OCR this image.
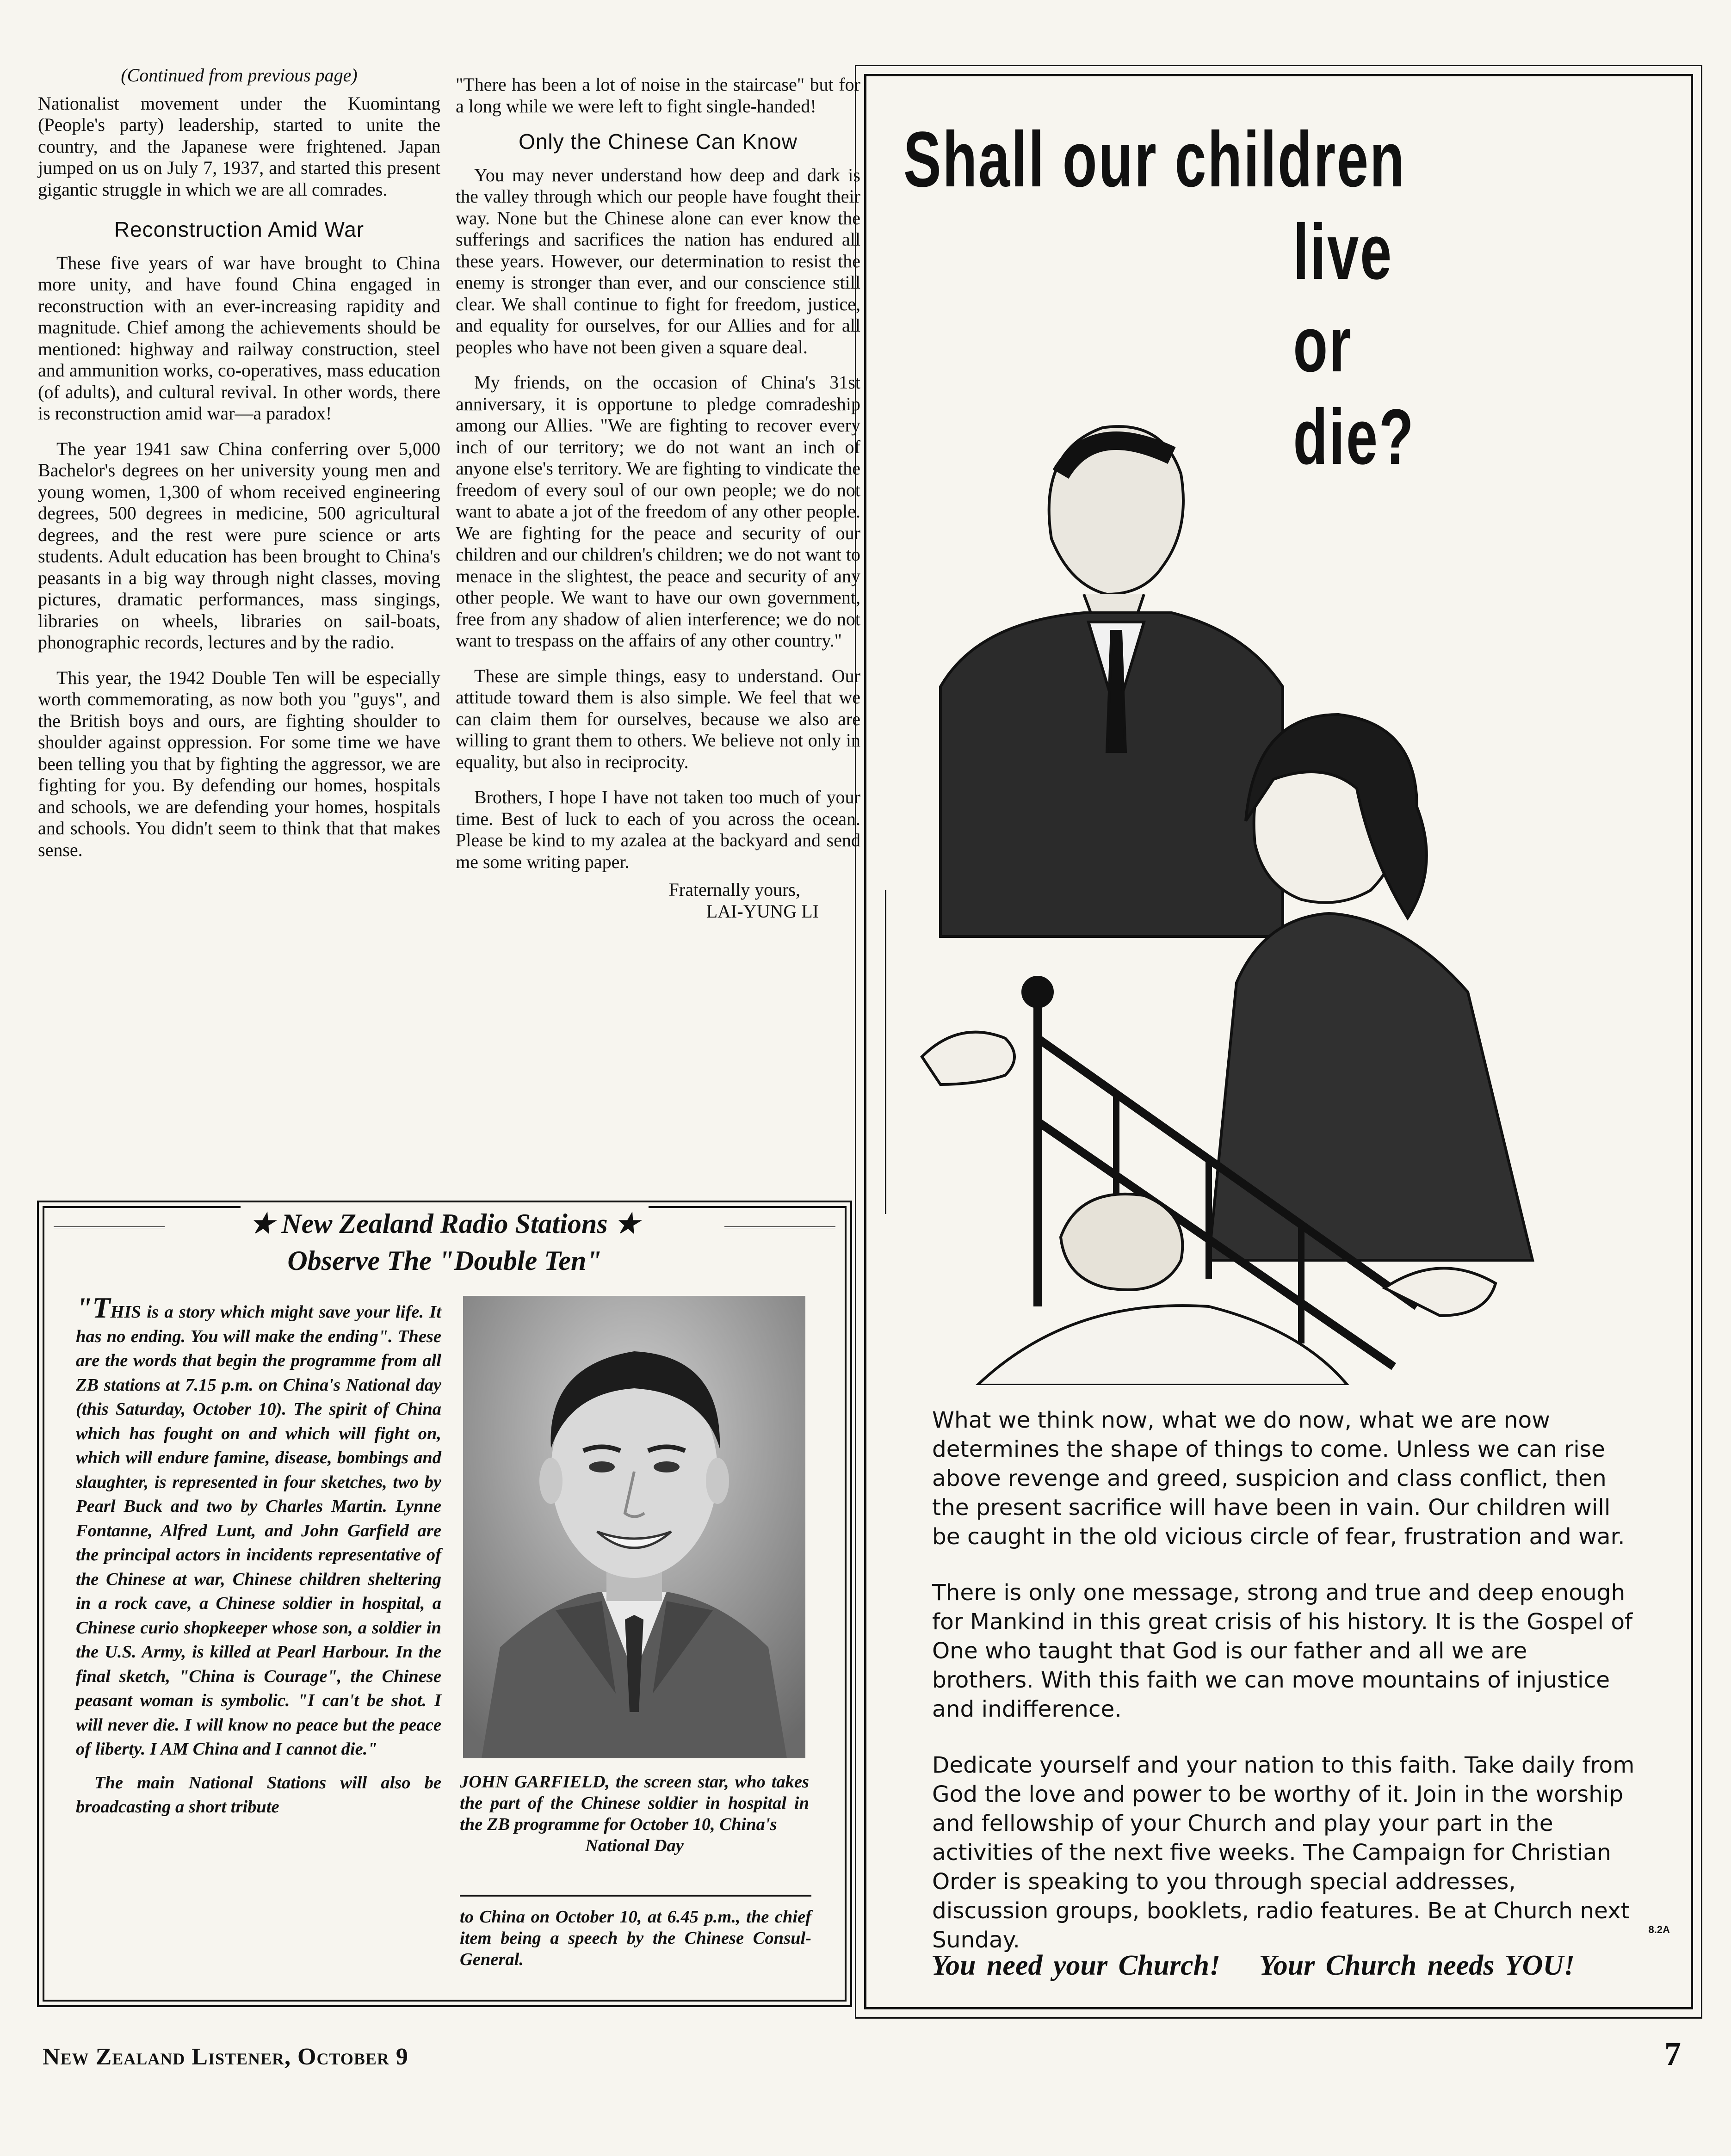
(Continued from previous page)

Nationalist movement under the Kuomintang (People's party) leadership, started to unite the country, and the Japanese were frightened. Japan jumped on us on July 7, 1937, and started this present gigantic struggle in which we are all comrades.

Reconstruction Amid War

These five years of war have brought to China more unity, and have found China engaged in reconstruction with an ever-increasing rapidity and magnitude. Chief among the achievements should be mentioned: highway and railway construction, steel and ammunition works, co-operatives, mass education (of adults), and cultural revival. In other words, there is reconstruction amid war—a paradox!

The year 1941 saw China conferring over 5,000 Bachelor's degrees on her university young men and young women, 1,300 of whom received engineering degrees, 500 degrees in medicine, 500 agricultural degrees, and the rest were pure science or arts students. Adult education has been brought to China's peasants in a big way through night classes, moving pictures, dramatic performances, mass singings, libraries on wheels, libraries on sail-boats, phonographic records, lectures and by the radio.

This year, the 1942 Double Ten will be especially worth commemorating, as now both you "guys", and the British boys and ours, are fighting shoulder to shoulder against oppression. For some time we have been telling you that by fighting the aggressor, we are fighting for you. By defending our homes, hospitals and schools, we are defending your homes, hospitals and schools. You didn't seem to think that that makes sense.

"There has been a lot of noise in the staircase" but for a long while we were left to fight single-handed!

Only the Chinese Can Know

You may never understand how deep and dark is the valley through which our people have fought their way. None but the Chinese alone can ever know the sufferings and sacrifices the nation has endured all these years. However, our determination to resist the enemy is stronger than ever, and our conscience still clear. We shall continue to fight for freedom, justice, and equality for ourselves, for our Allies and for all peoples who have not been given a square deal.

My friends, on the occasion of China's 31st anniversary, it is opportune to pledge comradeship among our Allies. "We are fighting to recover every inch of our territory; we do not want an inch of anyone else's territory. We are fighting to vindicate the freedom of every soul of our own people; we do not want to abate a jot of the freedom of any other people. We are fighting for the peace and security of our children and our children's children; we do not want to menace in the slightest, the peace and security of any other people. We want to have our own government, free from any shadow of alien interference; we do not want to trespass on the affairs of any other country."

These are simple things, easy to understand. Our attitude toward them is also simple. We feel that we can claim them for ourselves, because we also are willing to grant them to others. We believe not only in equality, but also in reciprocity.

Brothers, I hope I have not taken too much of your time. Best of luck to each of you across the ocean. Please be kind to my azalea at the backyard and send me some writing paper.

Fraternally yours,
LAI-YUNG LI
★ New Zealand Radio Stations ★
Observe The "Double Ten"

"THIS is a story which might save your life. It has no ending. You will make the ending". These are the words that begin the programme from all ZB stations at 7.15 p.m. on China's National day (this Saturday, October 10). The spirit of China which has fought on and which will fight on, which will endure famine, disease, bombings and slaughter, is represented in four sketches, two by Pearl Buck and two by Charles Martin. Lynne Fontanne, Alfred Lunt, and John Garfield are the principal actors in incidents representative of the Chinese at war, Chinese children sheltering in a rock cave, a Chinese soldier in hospital, a Chinese curio shopkeeper whose son, a soldier in the U.S. Army, is killed at Pearl Harbour. In the final sketch, "China is Courage", the Chinese peasant woman is symbolic. "I can't be shot. I will never die. I will know no peace but the peace of liberty. I AM China and I cannot die."

The main National Stations will also be broadcasting a short tribute

JOHN GARFIELD, the screen star, who takes the part of the Chinese soldier in hospital in the ZB programme for October 10, China's
National Day
to China on October 10, at 6.45 p.m., the chief item being a speech by the Chinese Consul-General.
Shall our children
live or die?

What we think now, what we do now, what we are now determines the shape of things to come. Unless we can rise above revenge and greed, suspicion and class conflict, then the present sacrifice will have been in vain. Our children will be caught in the old vicious circle of fear, frustration and war.

There is only one message, strong and true and deep enough for Mankind in this great crisis of his history. It is the Gospel of One who taught that God is our father and all we are brothers. With this faith we can move mountains of injustice and indifference.

Dedicate yourself and your nation to this faith. Take daily from God the love and power to be worthy of it. Join in the worship and fellowship of your Church and play your part in the activities of the next five weeks. The Campaign for Christian Order is speaking to you through special addresses, discussion groups, booklets, radio features. Be at Church next Sunday.	8.2A
You need your Church! Your Church needs YOU!
New Zealand Listener, October 9	7
